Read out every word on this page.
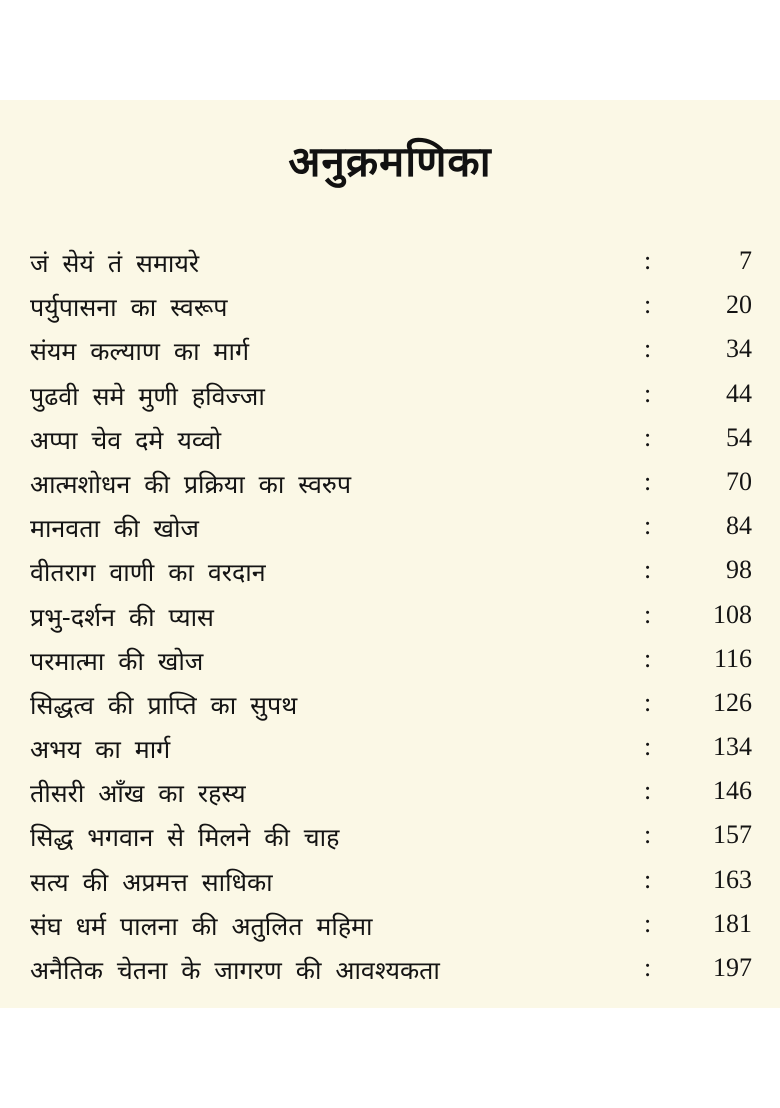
अनुक्रमणिका
जं सेयं तं समायरे	:	7
पर्युपासना का स्वरूप	:	20
संयम कल्याण का मार्ग	:	34
पुढवी समे मुणी हविज्जा	:	44
अप्पा चेव दमे यव्वो	:	54
आत्मशोधन की प्रक्रिया का स्वरुप	:	70
मानवता की खोज	:	84
वीतराग वाणी का वरदान	:	98
प्रभु-दर्शन की प्यास	: 108
परमात्मा की खोज	: 116
सिद्धत्व की प्राप्ति का सुपथ	: 126
अभय का मार्ग	: 134
तीसरी आँख का रहस्य	: 146
सिद्ध भगवान से मिलने की चाह	: 157
सत्य की अप्रमत्त साधिका	: 163
संघ धर्म पालना की अतुलित महिमा	: 181
अनैतिक चेतना के जागरण की आवश्यकता	: 197
